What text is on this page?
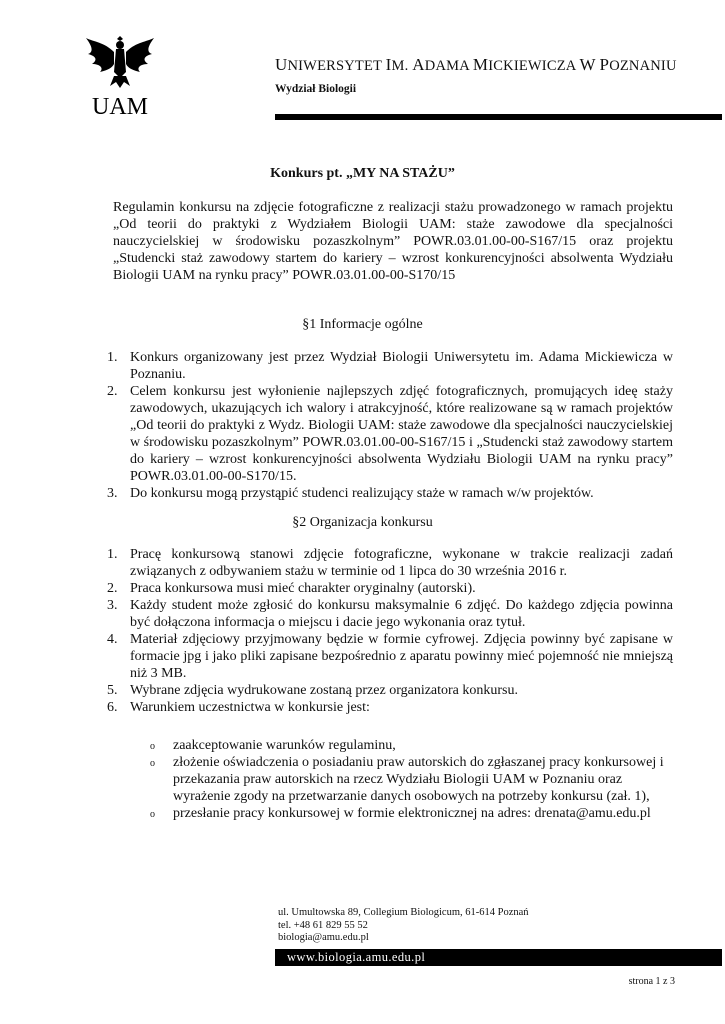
UAM
UNIWERSYTET IM. ADAMA MICKIEWICZA W POZNANIU
Wydział Biologii
Konkurs pt. „MY NA STAŻU”

Regulamin konkursu na zdjęcie fotograficzne z realizacji stażu prowadzonego w ramach projektu „Od teorii do praktyki z Wydziałem Biologii UAM: staże zawodowe dla specjalności nauczycielskiej w środowisku pozaszkolnym” POWR.03.01.00-00-S167/15 oraz projektu „Studencki staż zawodowy startem do kariery – wzrost konkurencyjności absolwenta Wydziału Biologii UAM na rynku pracy” POWR.03.01.00-00-S170/15

§1 Informacje ogólne
1. Konkurs organizowany jest przez Wydział Biologii Uniwersytetu im. Adama Mickiewicza w Poznaniu.
2. Celem konkursu jest wyłonienie najlepszych zdjęć fotograficznych, promujących ideę staży zawodowych, ukazujących ich walory i atrakcyjność, które realizowane są w ramach projektów „Od teorii do praktyki z Wydz. Biologii UAM: staże zawodowe dla specjalności nauczycielskiej w środowisku pozaszkolnym” POWR.03.01.00-00-S167/15 i „Studencki staż zawodowy startem do kariery – wzrost konkurencyjności absolwenta Wydziału Biologii UAM na rynku pracy” POWR.03.01.00-00-S170/15.
3. Do konkursu mogą przystąpić studenci realizujący staże w ramach w/w projektów.
§2 Organizacja konkursu
1. Pracę konkursową stanowi zdjęcie fotograficzne, wykonane w trakcie realizacji zadań związanych z odbywaniem stażu w terminie od 1 lipca do 30 września 2016 r.
2. Praca konkursowa musi mieć charakter oryginalny (autorski).
3. Każdy student może zgłosić do konkursu maksymalnie 6 zdjęć. Do każdego zdjęcia powinna być dołączona informacja o miejscu i dacie jego wykonania oraz tytuł.
4. Materiał zdjęciowy przyjmowany będzie w formie cyfrowej. Zdjęcia powinny być zapisane w formacie jpg i jako pliki zapisane bezpośrednio z aparatu powinny mieć pojemność nie mniejszą niż 3 MB.
5. Wybrane zdjęcia wydrukowane zostaną przez organizatora konkursu.
6. Warunkiem uczestnictwa w konkursie jest:
o zaakceptowanie warunków regulaminu,
o złożenie oświadczenia o posiadaniu praw autorskich do zgłaszanej pracy konkursowej i przekazania praw autorskich na rzecz Wydziału Biologii UAM w Poznaniu oraz wyrażenie zgody na przetwarzanie danych osobowych na potrzeby konkursu (zał. 1),
o przesłanie pracy konkursowej w formie elektronicznej na adres: drenata@amu.edu.pl
ul. Umultowska 89, Collegium Biologicum, 61-614 Poznań
tel. +48 61 829 55 52
biologia@amu.edu.pl
www.biologia.amu.edu.pl
strona 1 z 3
